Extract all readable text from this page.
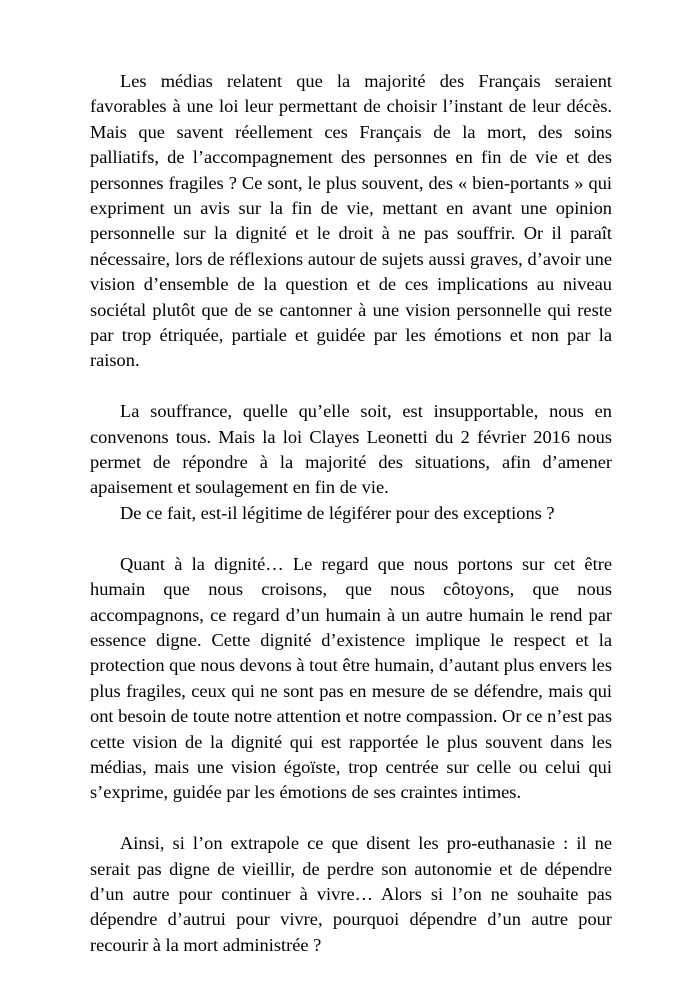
Les médias relatent que la majorité des Français seraient favorables à une loi leur permettant de choisir l’instant de leur décès. Mais que savent réellement ces Français de la mort, des soins palliatifs, de l’accompagnement des personnes en fin de vie et des personnes fragiles ? Ce sont, le plus souvent, des « bien-portants » qui expriment un avis sur la fin de vie, mettant en avant une opinion personnelle sur la dignité et le droit à ne pas souffrir. Or il paraît nécessaire, lors de réflexions autour de sujets aussi graves, d’avoir une vision d’ensemble de la question et de ces implications au niveau sociétal plutôt que de se cantonner à une vision personnelle qui reste par trop étriquée, partiale et guidée par les émotions et non par la raison.

La souffrance, quelle qu’elle soit, est insupportable, nous en convenons tous. Mais la loi Clayes Leonetti du 2 février 2016 nous permet de répondre à la majorité des situations, afin d’amener apaisement et soulagement en fin de vie.

De ce fait, est-il légitime de légiférer pour des exceptions ?

Quant à la dignité… Le regard que nous portons sur cet être humain que nous croisons, que nous côtoyons, que nous accompagnons, ce regard d’un humain à un autre humain le rend par essence digne. Cette dignité d’existence implique le respect et la protection que nous devons à tout être humain, d’autant plus envers les plus fragiles, ceux qui ne sont pas en mesure de se défendre, mais qui ont besoin de toute notre attention et notre compassion. Or ce n’est pas cette vision de la dignité qui est rapportée le plus souvent dans les médias, mais une vision égoïste, trop centrée sur celle ou celui qui s’exprime, guidée par les émotions de ses craintes intimes.

Ainsi, si l’on extrapole ce que disent les pro-euthanasie : il ne serait pas digne de vieillir, de perdre son autonomie et de dépendre d’un autre pour continuer à vivre… Alors si l’on ne souhaite pas dépendre d’autrui pour vivre, pourquoi dépendre d’un autre pour recourir à la mort administrée ?
